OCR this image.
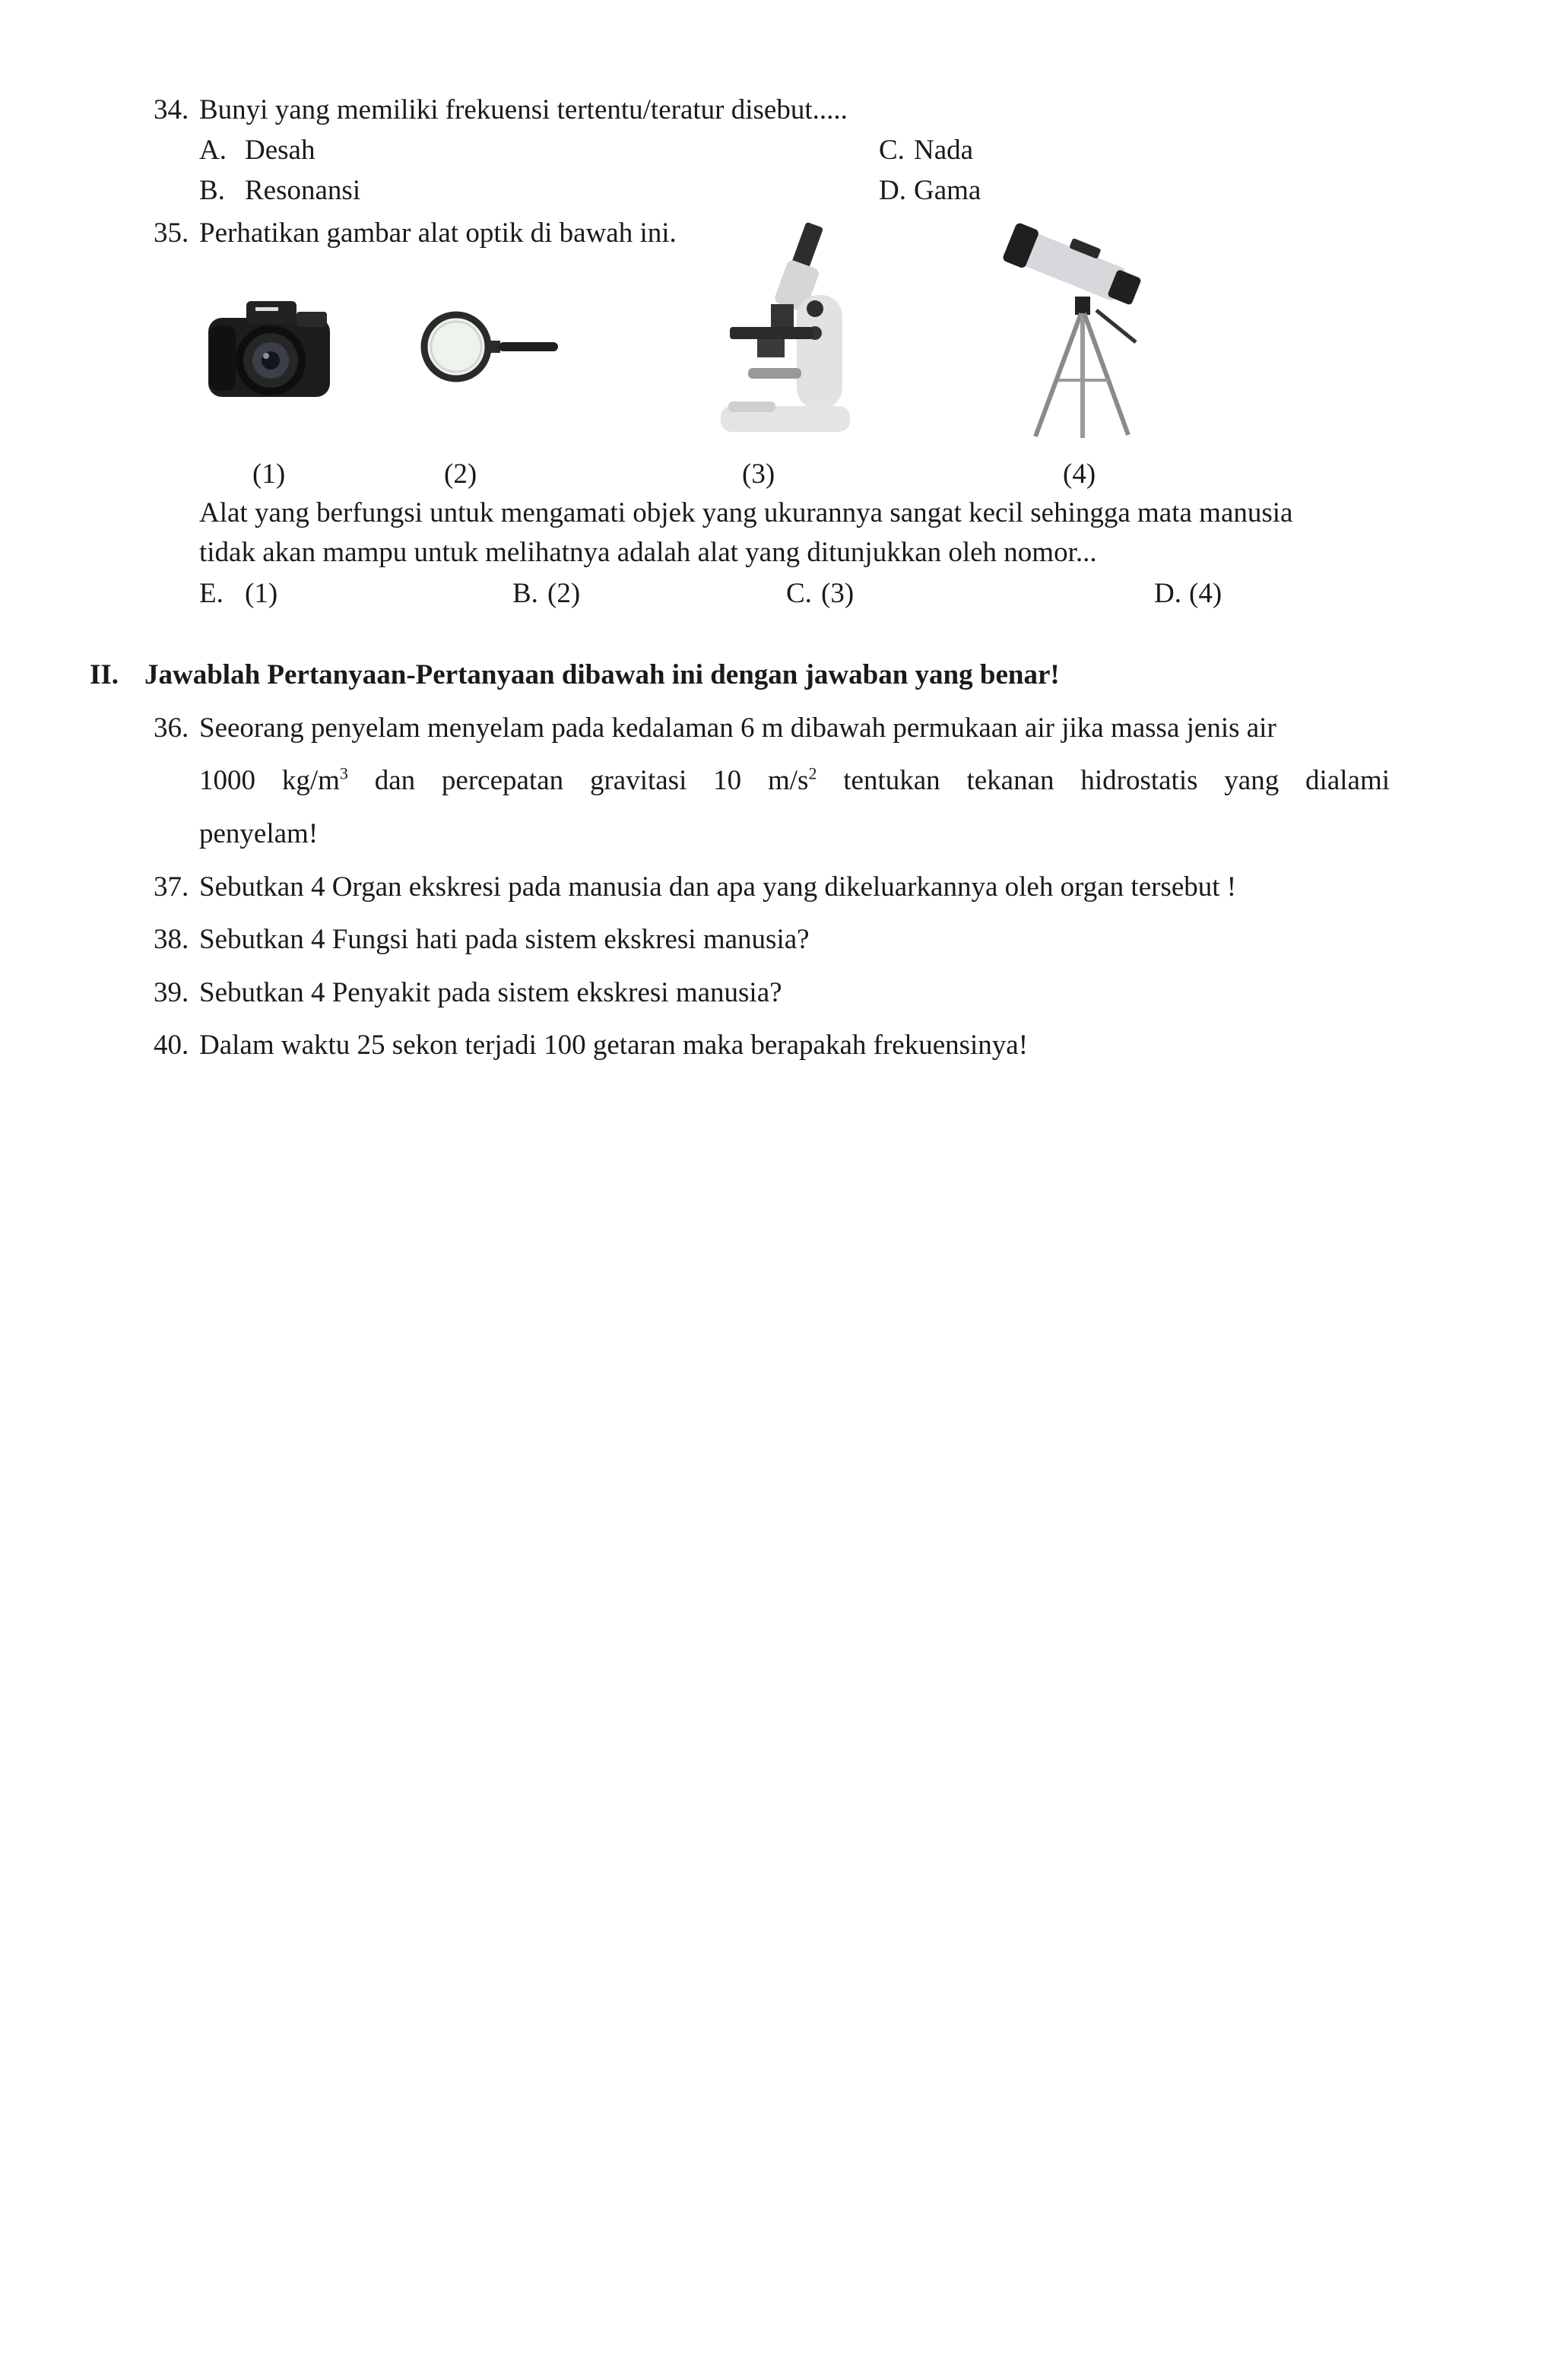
34. Bunyi yang memiliki frekuensi tertentu/teratur disebut.....
A. Desah
B. Resonansi
C. Nada
D. Gama
35. Perhatikan gambar alat optik di bawah ini.
(1)	(2)	(3)	(4)
Alat yang berfungsi untuk mengamati objek yang ukurannya sangat kecil sehingga mata manusia
tidak akan mampu untuk melihatnya adalah alat yang ditunjukkan oleh nomor...
E. (1)	B. (2)	C. (3)	D. (4)
II. Jawablah Pertanyaan-Pertanyaan dibawah ini dengan jawaban yang benar!
36. Seeorang penyelam menyelam pada kedalaman 6 m dibawah permukaan air jika massa jenis air
1000 $kg/m^3$ dan percepatan gravitasi 10 $m/s^2$ tentukan tekanan hidrostatis yang dialami
penyelam!
37. Sebutkan 4 Organ ekskresi pada manusia dan apa yang dikeluarkannya oleh organ tersebut !
38. Sebutkan 4 Fungsi hati pada sistem ekskresi manusia?
39. Sebutkan 4 Penyakit pada sistem ekskresi manusia?
40. Dalam waktu 25 sekon terjadi 100 getaran maka berapakah frekuensinya!
